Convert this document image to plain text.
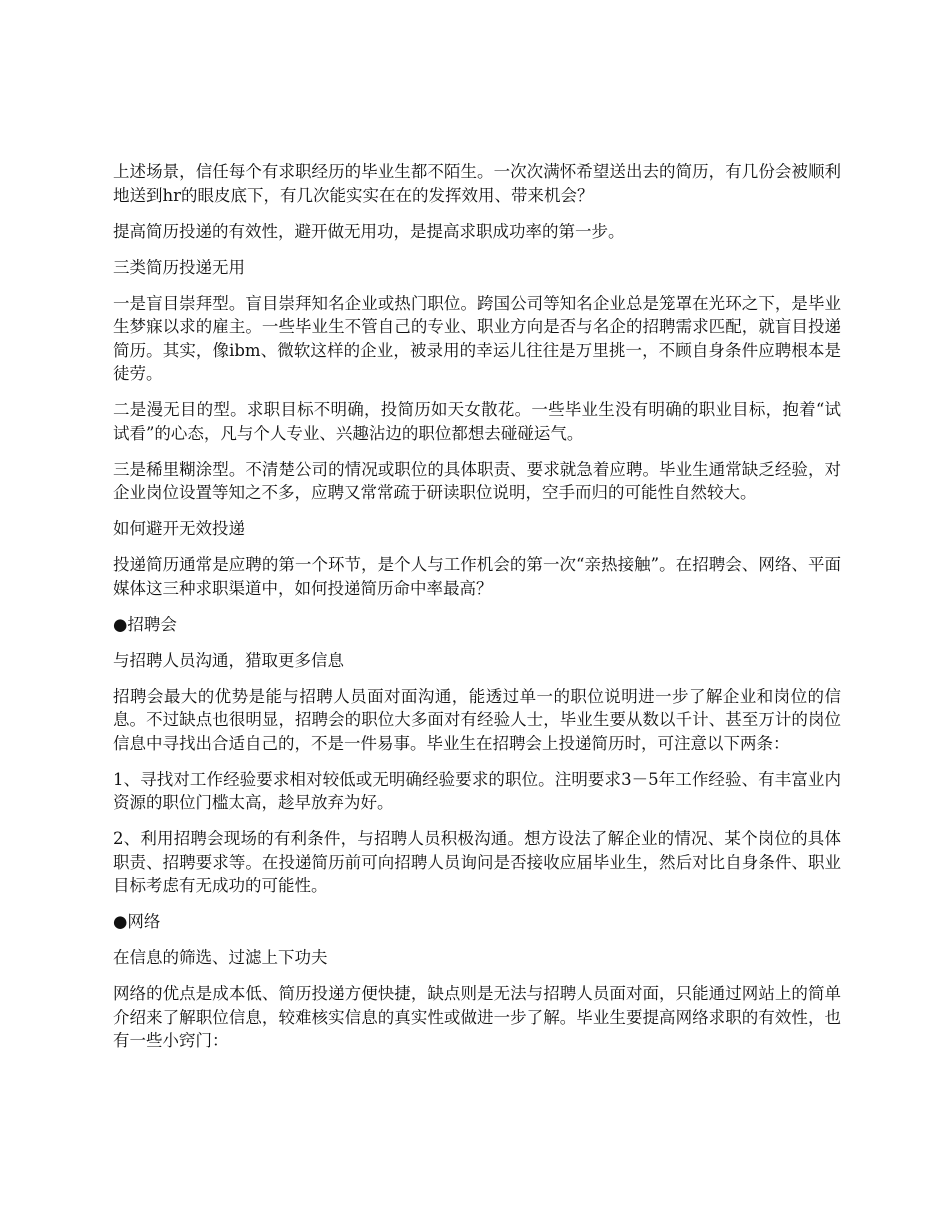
上述场景，信任每个有求职经历的毕业生都不陌生。一次次满怀希望送出去的简历，有几份会被顺利地送到hr的眼皮底下，有几次能实实在在的发挥效用、带来机会？

提高简历投递的有效性，避开做无用功，是提高求职成功率的第一步。

三类简历投递无用

一是盲目崇拜型。盲目崇拜知名企业或热门职位。跨国公司等知名企业总是笼罩在光环之下，是毕业生梦寐以求的雇主。一些毕业生不管自己的专业、职业方向是否与名企的招聘需求匹配，就盲目投递简历。其实，像ibm、微软这样的企业，被录用的幸运儿往往是万里挑一，不顾自身条件应聘根本是徒劳。

二是漫无目的型。求职目标不明确，投简历如天女散花。一些毕业生没有明确的职业目标，抱着“试试看”的心态，凡与个人专业、兴趣沾边的职位都想去碰碰运气。

三是稀里糊涂型。不清楚公司的情况或职位的具体职责、要求就急着应聘。毕业生通常缺乏经验，对企业岗位设置等知之不多，应聘又常常疏于研读职位说明，空手而归的可能性自然较大。

如何避开无效投递

投递简历通常是应聘的第一个环节，是个人与工作机会的第一次“亲热接触”。在招聘会、网络、平面媒体这三种求职渠道中，如何投递简历命中率最高？

●招聘会

与招聘人员沟通，猎取更多信息

招聘会最大的优势是能与招聘人员面对面沟通，能透过单一的职位说明进一步了解企业和岗位的信息。不过缺点也很明显，招聘会的职位大多面对有经验人士，毕业生要从数以千计、甚至万计的岗位信息中寻找出合适自己的，不是一件易事。毕业生在招聘会上投递简历时，可注意以下两条：

1、寻找对工作经验要求相对较低或无明确经验要求的职位。注明要求3－5年工作经验、有丰富业内资源的职位门槛太高，趁早放弃为好。

2、利用招聘会现场的有利条件，与招聘人员积极沟通。想方设法了解企业的情况、某个岗位的具体职责、招聘要求等。在投递简历前可向招聘人员询问是否接收应届毕业生，然后对比自身条件、职业目标考虑有无成功的可能性。

●网络

在信息的筛选、过滤上下功夫

网络的优点是成本低、简历投递方便快捷，缺点则是无法与招聘人员面对面，只能通过网站上的简单介绍来了解职位信息，较难核实信息的真实性或做进一步了解。毕业生要提高网络求职的有效性，也有一些小窍门：
